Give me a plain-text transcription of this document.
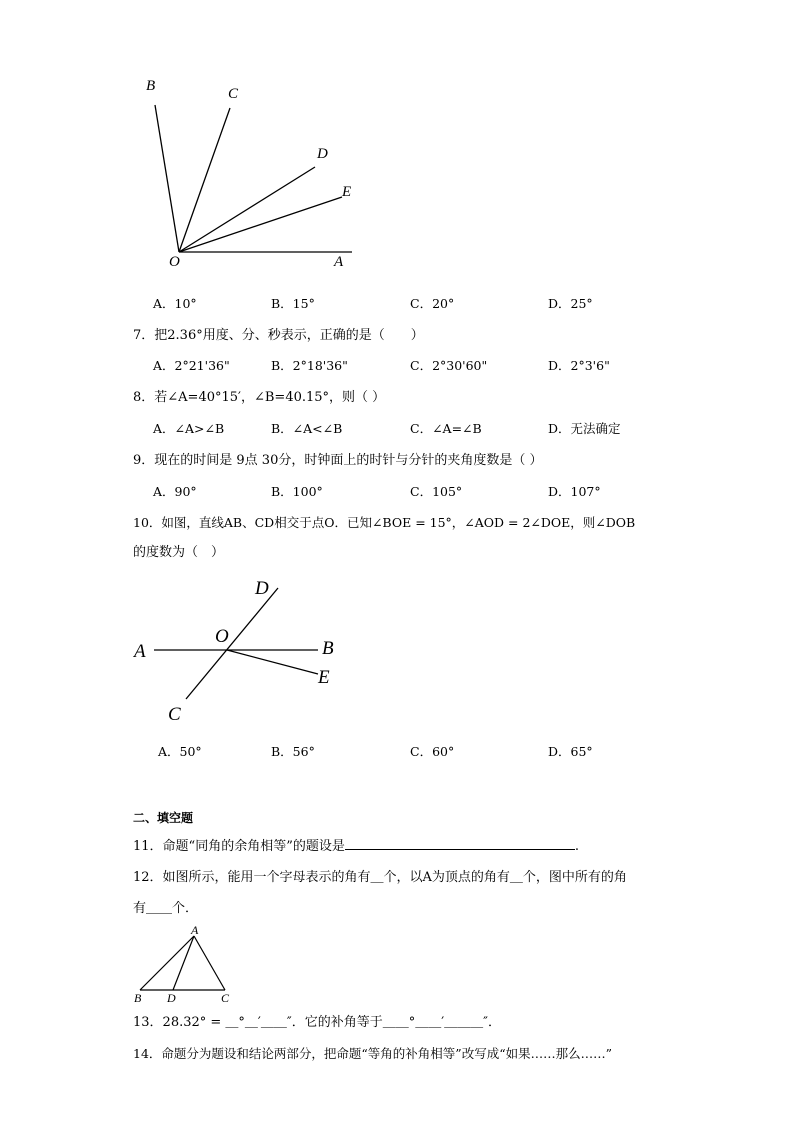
B	C
D
E
O	A
A．10°	B．15°	C．20°	D．25°
7．把2.36°用度、分、秒表示，正确的是（　　）
A．2°21'36"	B．2°18'36"	C．2°30'60"	D．2°3'6"
8．若∠A=40°15′，∠B=40.15°，则（ ）
A．∠A>∠B	B．∠A<∠B	C．∠A=∠B	D．无法确定
9．现在的时间是 9点 30分，时钟面上的时针与分针的夹角度数是（ ）
A．90°	B．100°	C．105°	D．107°
10．如图，直线AB、CD相交于点O．已知∠BOE = 15°，∠AOD = 2∠DOE，则∠DOB
的度数为（　）
D
O
A	B
E
C
A．50°	B．56°	C．60°	D．65°
二、填空题
11．命题“同角的余角相等”的题设是	.
12．如图所示，能用一个字母表示的角有＿个，以A为顶点的角有＿个，图中所有的角
有＿＿个．
A
B D	C
13．28.32° = ＿°＿′＿＿″．它的补角等于＿＿°＿＿′＿＿＿″．
14．命题分为题设和结论两部分，把命题“等角的补角相等”改写成“如果……那么……”
